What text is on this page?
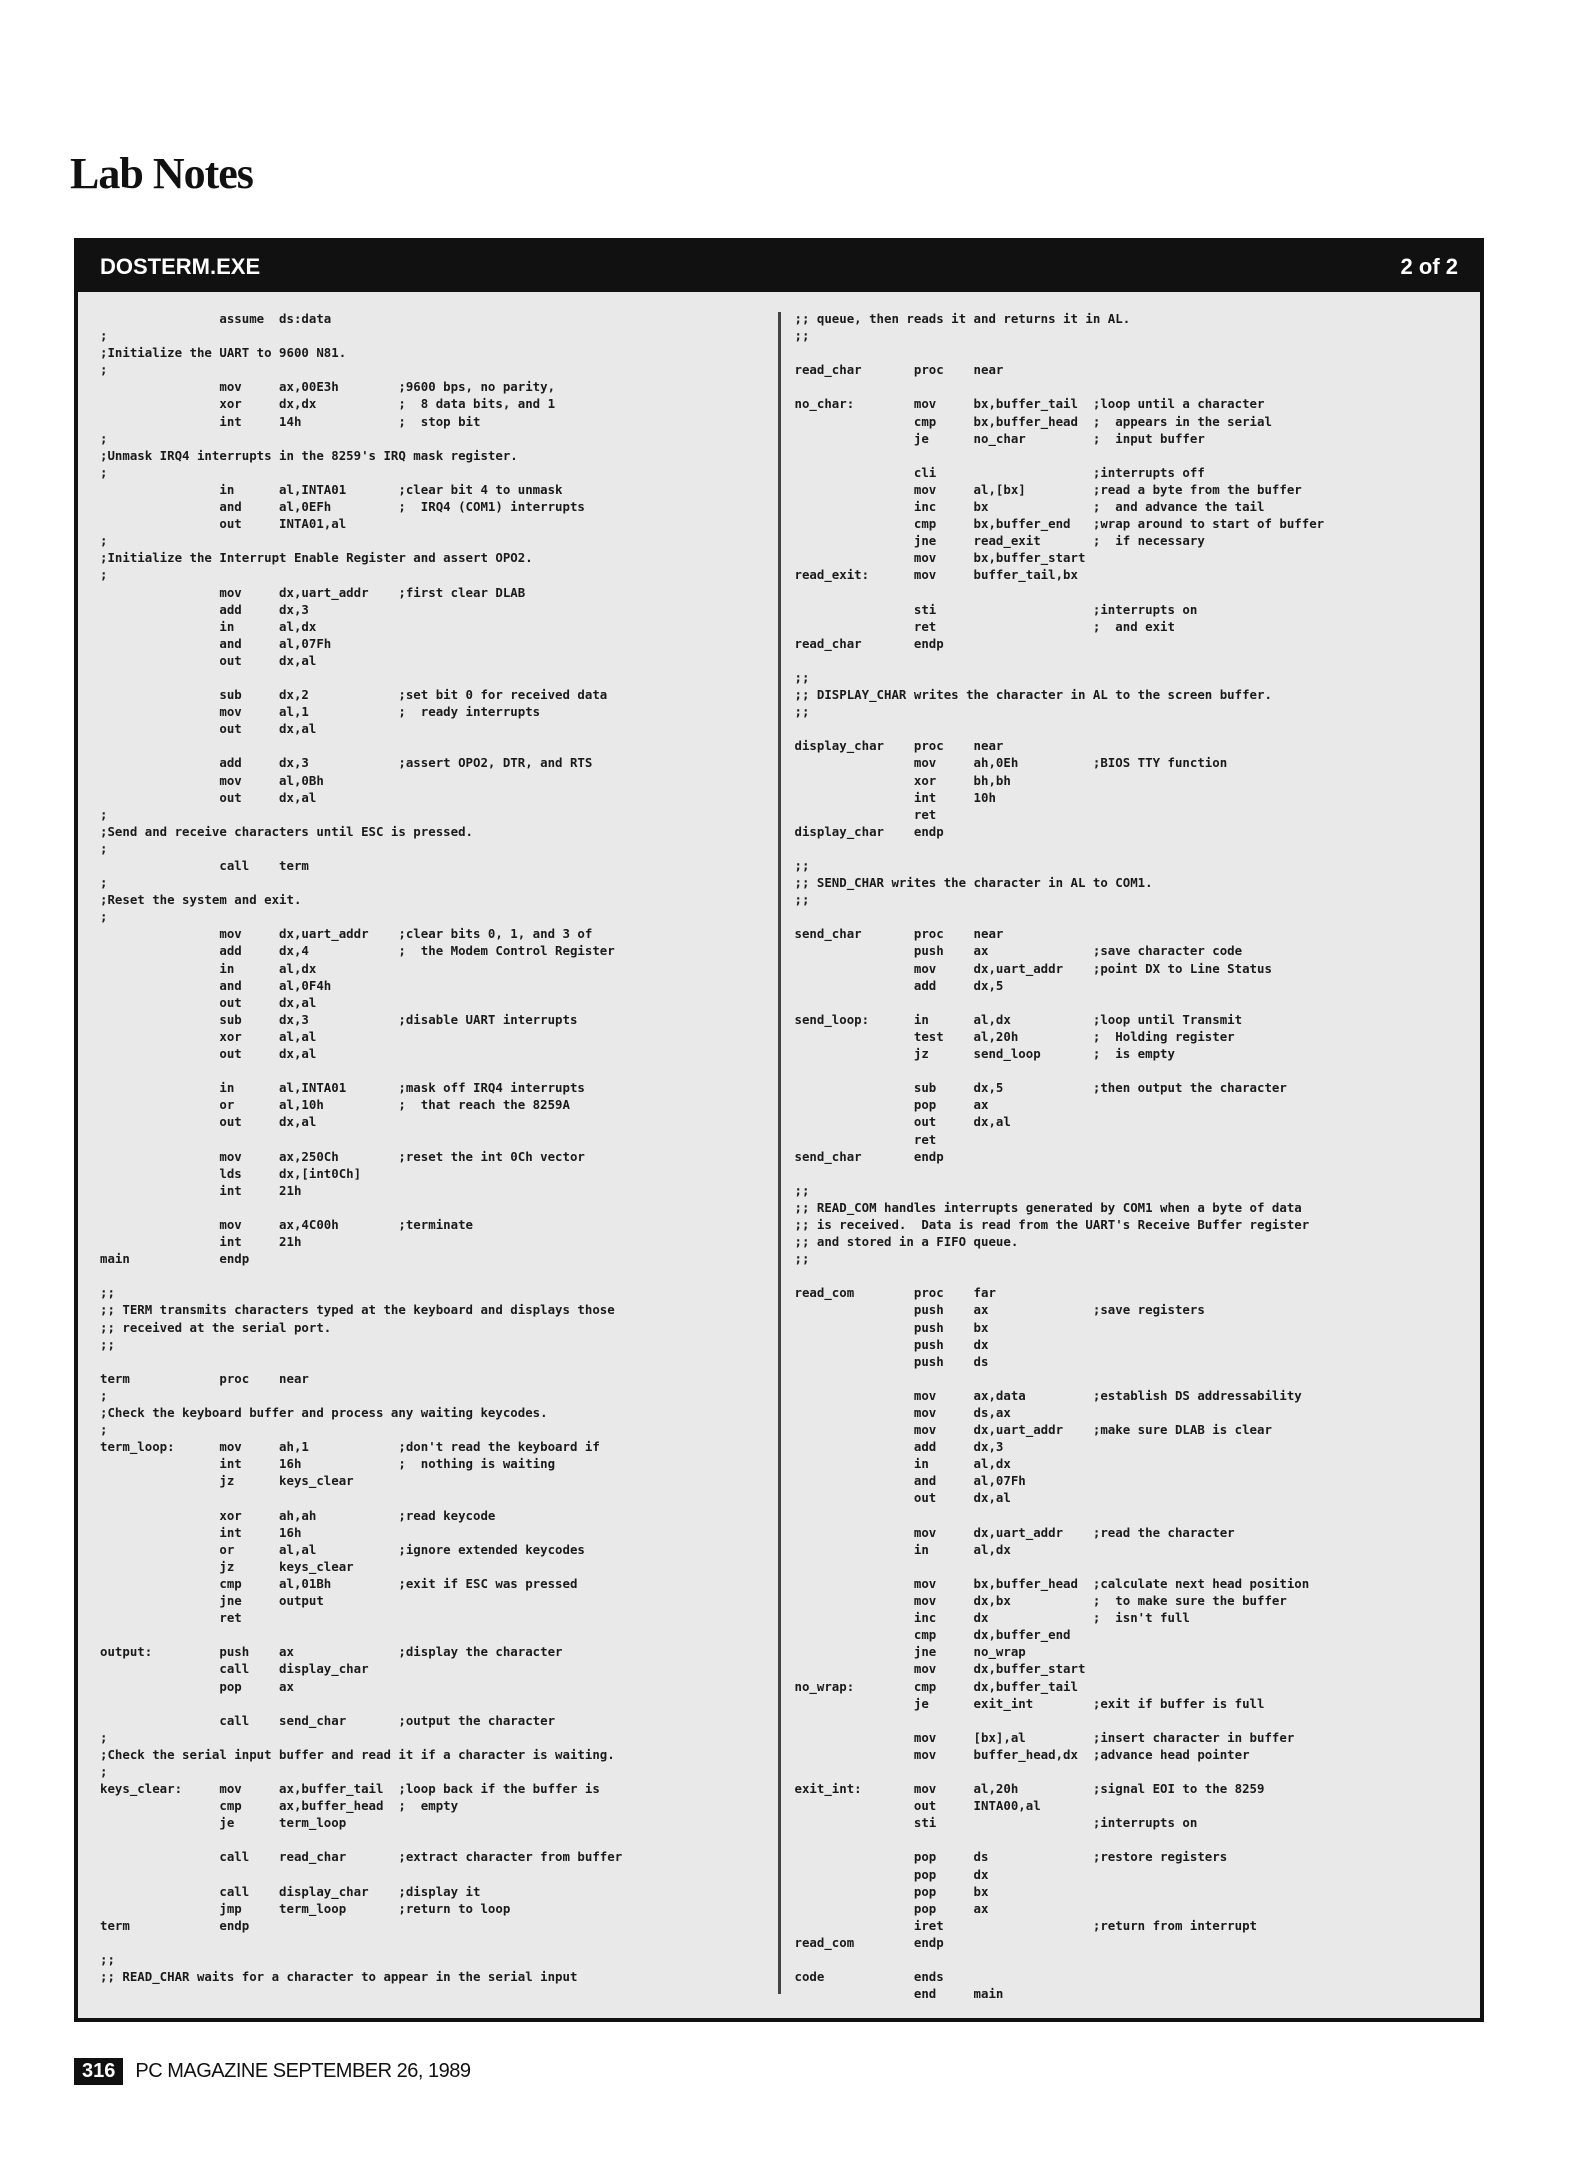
Lab Notes
DOSTERM.EXE	2 of 2
assume  ds:data
;
;Initialize the UART to 9600 N81.
;
mov     ax,00E3h        ;9600 bps, no parity,
xor     dx,dx           ;  8 data bits, and 1
int     14h             ;  stop bit
;
;Unmask IRQ4 interrupts in the 8259's IRQ mask register.
;
in      al,INTA01       ;clear bit 4 to unmask
and     al,0EFh         ;  IRQ4 (COM1) interrupts
out     INTA01,al
;
;Initialize the Interrupt Enable Register and assert OPO2.
;
mov     dx,uart_addr    ;first clear DLAB
add     dx,3
in      al,dx
and     al,07Fh
out     dx,al

sub     dx,2            ;set bit 0 for received data
mov     al,1            ;  ready interrupts
out     dx,al

add     dx,3            ;assert OPO2, DTR, and RTS
mov     al,0Bh
out     dx,al
;
;Send and receive characters until ESC is pressed.
;
call    term
;
;Reset the system and exit.
;
mov     dx,uart_addr    ;clear bits 0, 1, and 3 of
add     dx,4            ;  the Modem Control Register
in      al,dx
and     al,0F4h
out     dx,al
sub     dx,3            ;disable UART interrupts
xor     al,al
out     dx,al

in      al,INTA01       ;mask off IRQ4 interrupts
or      al,10h          ;  that reach the 8259A
out     dx,al

mov     ax,250Ch        ;reset the int 0Ch vector
lds     dx,[int0Ch]
int     21h

mov     ax,4C00h        ;terminate
int     21h
main            endp

;;
;; TERM transmits characters typed at the keyboard and displays those
;; received at the serial port.
;;

term            proc    near
;
;Check the keyboard buffer and process any waiting keycodes.
;
term_loop:      mov     ah,1            ;don't read the keyboard if
int     16h             ;  nothing is waiting
jz      keys_clear

xor     ah,ah           ;read keycode
int     16h
or      al,al           ;ignore extended keycodes
jz      keys_clear
cmp     al,01Bh         ;exit if ESC was pressed
jne     output
ret

output:         push    ax              ;display the character
call    display_char
pop     ax

call    send_char       ;output the character
;
;Check the serial input buffer and read it if a character is waiting.
;
keys_clear:     mov     ax,buffer_tail  ;loop back if the buffer is
cmp     ax,buffer_head  ;  empty
je      term_loop

call    read_char       ;extract character from buffer

call    display_char    ;display it
jmp     term_loop       ;return to loop
term            endp

;;
;; READ_CHAR waits for a character to appear in the serial input
;; queue, then reads it and returns it in AL.
;;

read_char       proc    near

no_char:        mov     bx,buffer_tail  ;loop until a character
cmp     bx,buffer_head  ;  appears in the serial
je      no_char         ;  input buffer

cli                     ;interrupts off
mov     al,[bx]         ;read a byte from the buffer
inc     bx              ;  and advance the tail
cmp     bx,buffer_end   ;wrap around to start of buffer
jne     read_exit       ;  if necessary
mov     bx,buffer_start
read_exit:      mov     buffer_tail,bx

sti                     ;interrupts on
ret                     ;  and exit
read_char       endp

;;
;; DISPLAY_CHAR writes the character in AL to the screen buffer.
;;

display_char    proc    near
mov     ah,0Eh          ;BIOS TTY function
xor     bh,bh
int     10h
ret
display_char    endp

;;
;; SEND_CHAR writes the character in AL to COM1.
;;

send_char       proc    near
push    ax              ;save character code
mov     dx,uart_addr    ;point DX to Line Status
add     dx,5

send_loop:      in      al,dx           ;loop until Transmit
test    al,20h          ;  Holding register
jz      send_loop       ;  is empty

sub     dx,5            ;then output the character
pop     ax
out     dx,al
ret
send_char       endp

;;
;; READ_COM handles interrupts generated by COM1 when a byte of data
;; is received.  Data is read from the UART's Receive Buffer register
;; and stored in a FIFO queue.
;;

read_com        proc    far
push    ax              ;save registers
push    bx
push    dx
push    ds

mov     ax,data         ;establish DS addressability
mov     ds,ax
mov     dx,uart_addr    ;make sure DLAB is clear
add     dx,3
in      al,dx
and     al,07Fh
out     dx,al

mov     dx,uart_addr    ;read the character
in      al,dx

mov     bx,buffer_head  ;calculate next head position
mov     dx,bx           ;  to make sure the buffer
inc     dx              ;  isn't full
cmp     dx,buffer_end
jne     no_wrap
mov     dx,buffer_start
no_wrap:        cmp     dx,buffer_tail
je      exit_int        ;exit if buffer is full

mov     [bx],al         ;insert character in buffer
mov     buffer_head,dx  ;advance head pointer

exit_int:       mov     al,20h          ;signal EOI to the 8259
out     INTA00,al
sti                     ;interrupts on

pop     ds              ;restore registers
pop     dx
pop     bx
pop     ax
iret                    ;return from interrupt
read_com        endp

code            ends
end     main
316	PC MAGAZINE SEPTEMBER 26, 1989
